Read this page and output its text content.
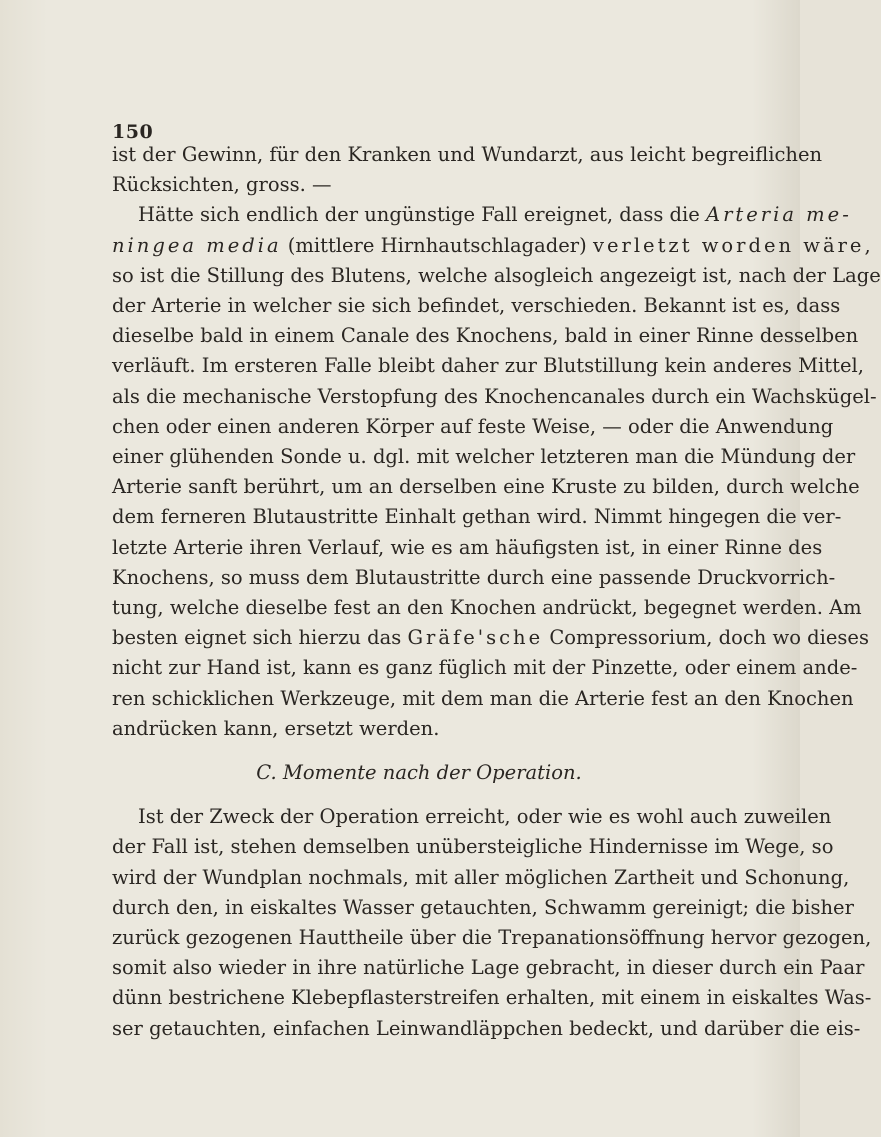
150
ist der Gewinn, für den Kranken und Wundarzt, aus leicht begreiflichen
Rücksichten, gross. —
Hätte sich endlich der ungünstige Fall ereignet, dass die Arteria me-
ningea media (mittlere Hirnhautschlagader) verletzt worden wäre,
so ist die Stillung des Blutens, welche alsogleich angezeigt ist, nach der Lage
der Arterie in welcher sie sich befindet, verschieden. Bekannt ist es, dass
dieselbe bald in einem Canale des Knochens, bald in einer Rinne desselben
verläuft. Im ersteren Falle bleibt daher zur Blutstillung kein anderes Mittel,
als die mechanische Verstopfung des Knochencanales durch ein Wachskügel-
chen oder einen anderen Körper auf feste Weise, — oder die Anwendung
einer glühenden Sonde u. dgl. mit welcher letzteren man die Mündung der
Arterie sanft berührt, um an derselben eine Kruste zu bilden, durch welche
dem ferneren Blutaustritte Einhalt gethan wird. Nimmt hingegen die ver-
letzte Arterie ihren Verlauf, wie es am häufigsten ist, in einer Rinne des
Knochens, so muss dem Blutaustritte durch eine passende Druckvorrich-
tung, welche dieselbe fest an den Knochen andrückt, begegnet werden. Am
besten eignet sich hierzu das Gräfe'sche Compressorium, doch wo dieses
nicht zur Hand ist, kann es ganz füglich mit der Pinzette, oder einem ande-
ren schicklichen Werkzeuge, mit dem man die Arterie fest an den Knochen
andrücken kann, ersetzt werden.
C. Momente nach der Operation.
Ist der Zweck der Operation erreicht, oder wie es wohl auch zuweilen
der Fall ist, stehen demselben unübersteigliche Hindernisse im Wege, so
wird der Wundplan nochmals, mit aller möglichen Zartheit und Schonung,
durch den, in eiskaltes Wasser getauchten, Schwamm gereinigt; die bisher
zurück gezogenen Hauttheile über die Trepanationsöffnung hervor gezogen,
somit also wieder in ihre natürliche Lage gebracht, in dieser durch ein Paar
dünn bestrichene Klebepflasterstreifen erhalten, mit einem in eiskaltes Was-
ser getauchten, einfachen Leinwandläppchen bedeckt, und darüber die eis-
